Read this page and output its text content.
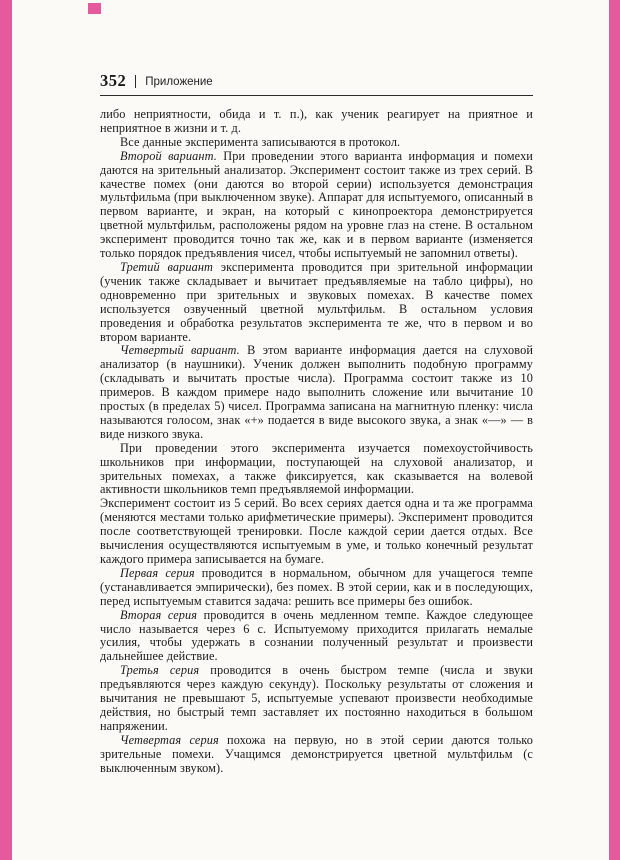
352 Приложение

либо неприятности, обида и т. п.), как ученик реагирует на приятное и неприятное в жизни и т. д.

Все данные эксперимента записываются в протокол.

Второй вариант. При проведении этого варианта информация и помехи даются на зрительный анализатор. Эксперимент состоит также из трех серий. В качестве помех (они даются во второй серии) используется демонстрация мультфильма (при выключенном звуке). Аппарат для испытуемого, описанный в первом варианте, и экран, на который с кинопроектора демонстрируется цветной мультфильм, расположены рядом на уровне глаз на стене. В остальном эксперимент проводится точно так же, как и в первом варианте (изменяется только порядок предъявления чисел, чтобы испытуемый не запомнил ответы).

Третий вариант эксперимента проводится при зрительной информации (ученик также складывает и вычитает предъявляемые на табло цифры), но одновременно при зрительных и звуковых помехах. В качестве помех используется озвученный цветной мультфильм. В остальном условия проведения и обработка результатов эксперимента те же, что в первом и во втором варианте.

Четвертый вариант. В этом варианте информация дается на слуховой анализатор (в наушники). Ученик должен выполнить подобную программу (складывать и вычитать простые числа). Программа состоит также из 10 примеров. В каждом примере надо выполнить сложение или вычитание 10 простых (в пределах 5) чисел. Программа записана на магнитную пленку: числа называются голосом, знак «+» подается в виде высокого звука, а знак «—» — в виде низкого звука.

При проведении этого эксперимента изучается помехоустойчивость школьников при информации, поступающей на слуховой анализатор, и зрительных помехах, а также фиксируется, как сказывается на волевой активности школьников темп предъявляемой информации.

Эксперимент состоит из 5 серий. Во всех сериях дается одна и та же программа (меняются местами только арифметические примеры). Эксперимент проводится после соответствующей тренировки. После каждой серии дается отдых. Все вычисления осуществляются испытуемым в уме, и только конечный результат каждого примера записывается на бумаге.

Первая серия проводится в нормальном, обычном для учащегося темпе (устанавливается эмпирически), без помех. В этой серии, как и в последующих, перед испытуемым ставится задача: решить все примеры без ошибок.

Вторая серия проводится в очень медленном темпе. Каждое следующее число называется через 6 с. Испытуемому приходится прилагать немалые усилия, чтобы удержать в сознании полученный результат и произвести дальнейшее действие.

Третья серия проводится в очень быстром темпе (числа и звуки предъявляются через каждую секунду). Поскольку результаты от сложения и вычитания не превышают 5, испытуемые успевают произвести необходимые действия, но быстрый темп заставляет их постоянно находиться в большом напряжении.

Четвертая серия похожа на первую, но в этой серии даются только зрительные помехи. Учащимся демонстрируется цветной мультфильм (с выключенным звуком).
